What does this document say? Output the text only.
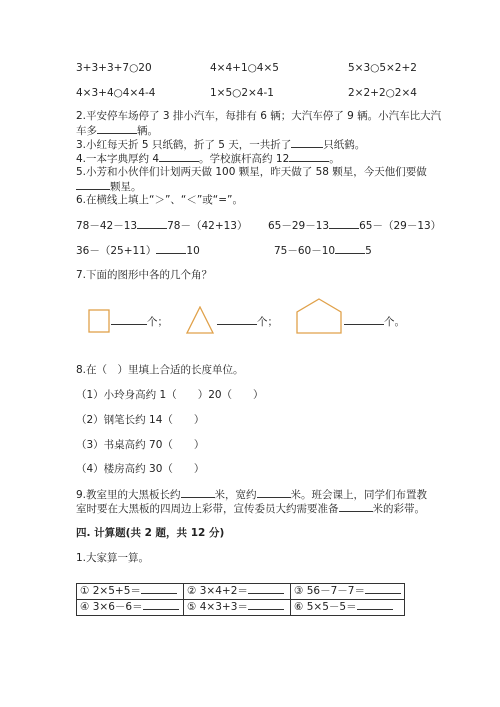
3+3+3+7○20	4×4+1○4×5	5×3○5×2+2
4×3+4○4×4-4	1×5○2×4-1	2×2+2○2×4
2.平安停车场停了 3 排小汽车，每排有 6 辆；大汽车停了 9 辆。小汽车比大汽
车多	辆。
3.小红每天折 5 只纸鹤，折了 5 天，一共折了	只纸鹤。
4.一本字典厚约 4	。学校旗杆高约 12	。
5.小芳和小伙伴们计划两天做 100 颗星，昨天做了 58 颗星，今天他们要做
颗星。
6.在横线上填上“＞”、“＜”或“=”。
78－42－13	78－（42+13） 65－29－13	65－（29－13）
36－（25+11）	10	75－60－10	5
7.下面的图形中各的几个角？
个；	个；	个。
8.在（　）里填上合适的长度单位。
（1）小玲身高约 1（　　）20（　　）
（2）钢笔长约 14（　　）
（3）书桌高约 70（　　）
（4）楼房高约 30（　　）
9.教室里的大黑板长约	米，宽约	米。班会课上，同学们布置教
室时要在大黑板的四周边上彩带，宣传委员大约需要准备	米的彩带。
四. 计算题(共 2 题，共 12 分)
1.大家算一算。
① 2×5+5＝	② 3×4+2＝	③ 56－7－7＝
④ 3×6－6＝	⑤ 4×3+3＝	⑥ 5×5－5＝
